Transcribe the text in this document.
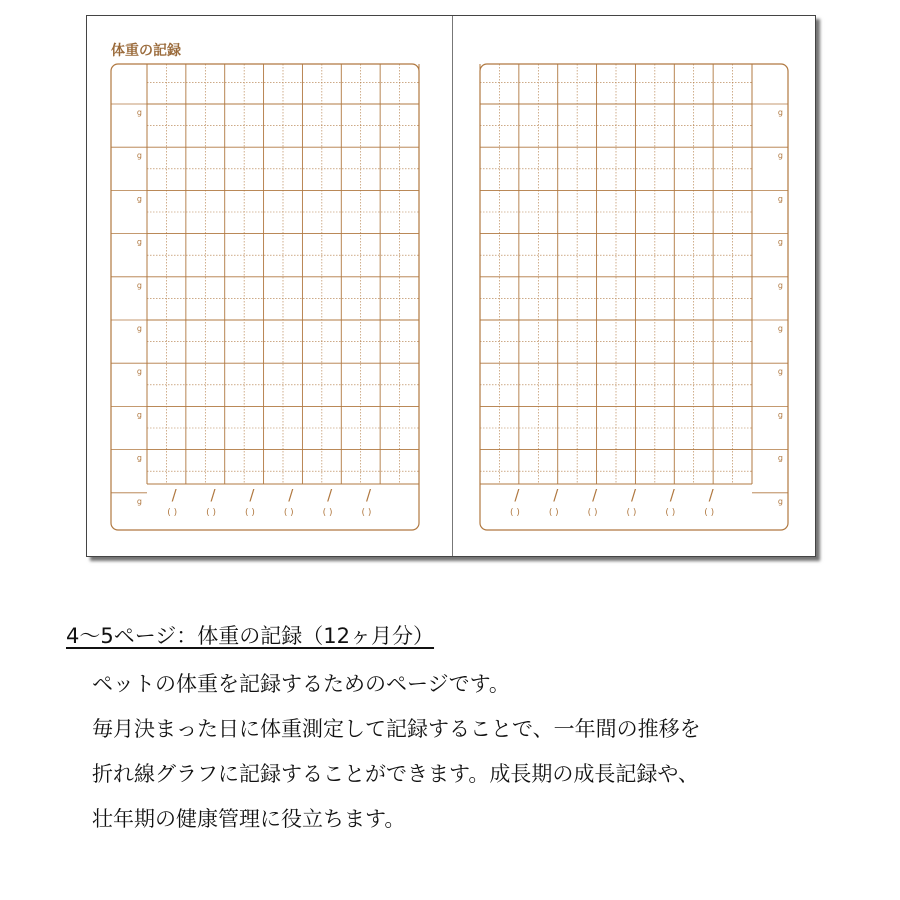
体重の記録
g
g
g
g
g
g
g
g
g
g /
( )
/
( )
/
( )
/
( )
/
( )
/
( )
g
g
g
g
g
g
g
g
g
g
/
( )
/
( )
/
( )
/
( )
/
( )
/
( )
4～5ページ：体重の記録（12ヶ月分）

ペットの体重を記録するためのページです。

毎月決まった日に体重測定して記録することで、一年間の推移を

折れ線グラフに記録することができます。成長期の成長記録や、

壮年期の健康管理に役立ちます。
